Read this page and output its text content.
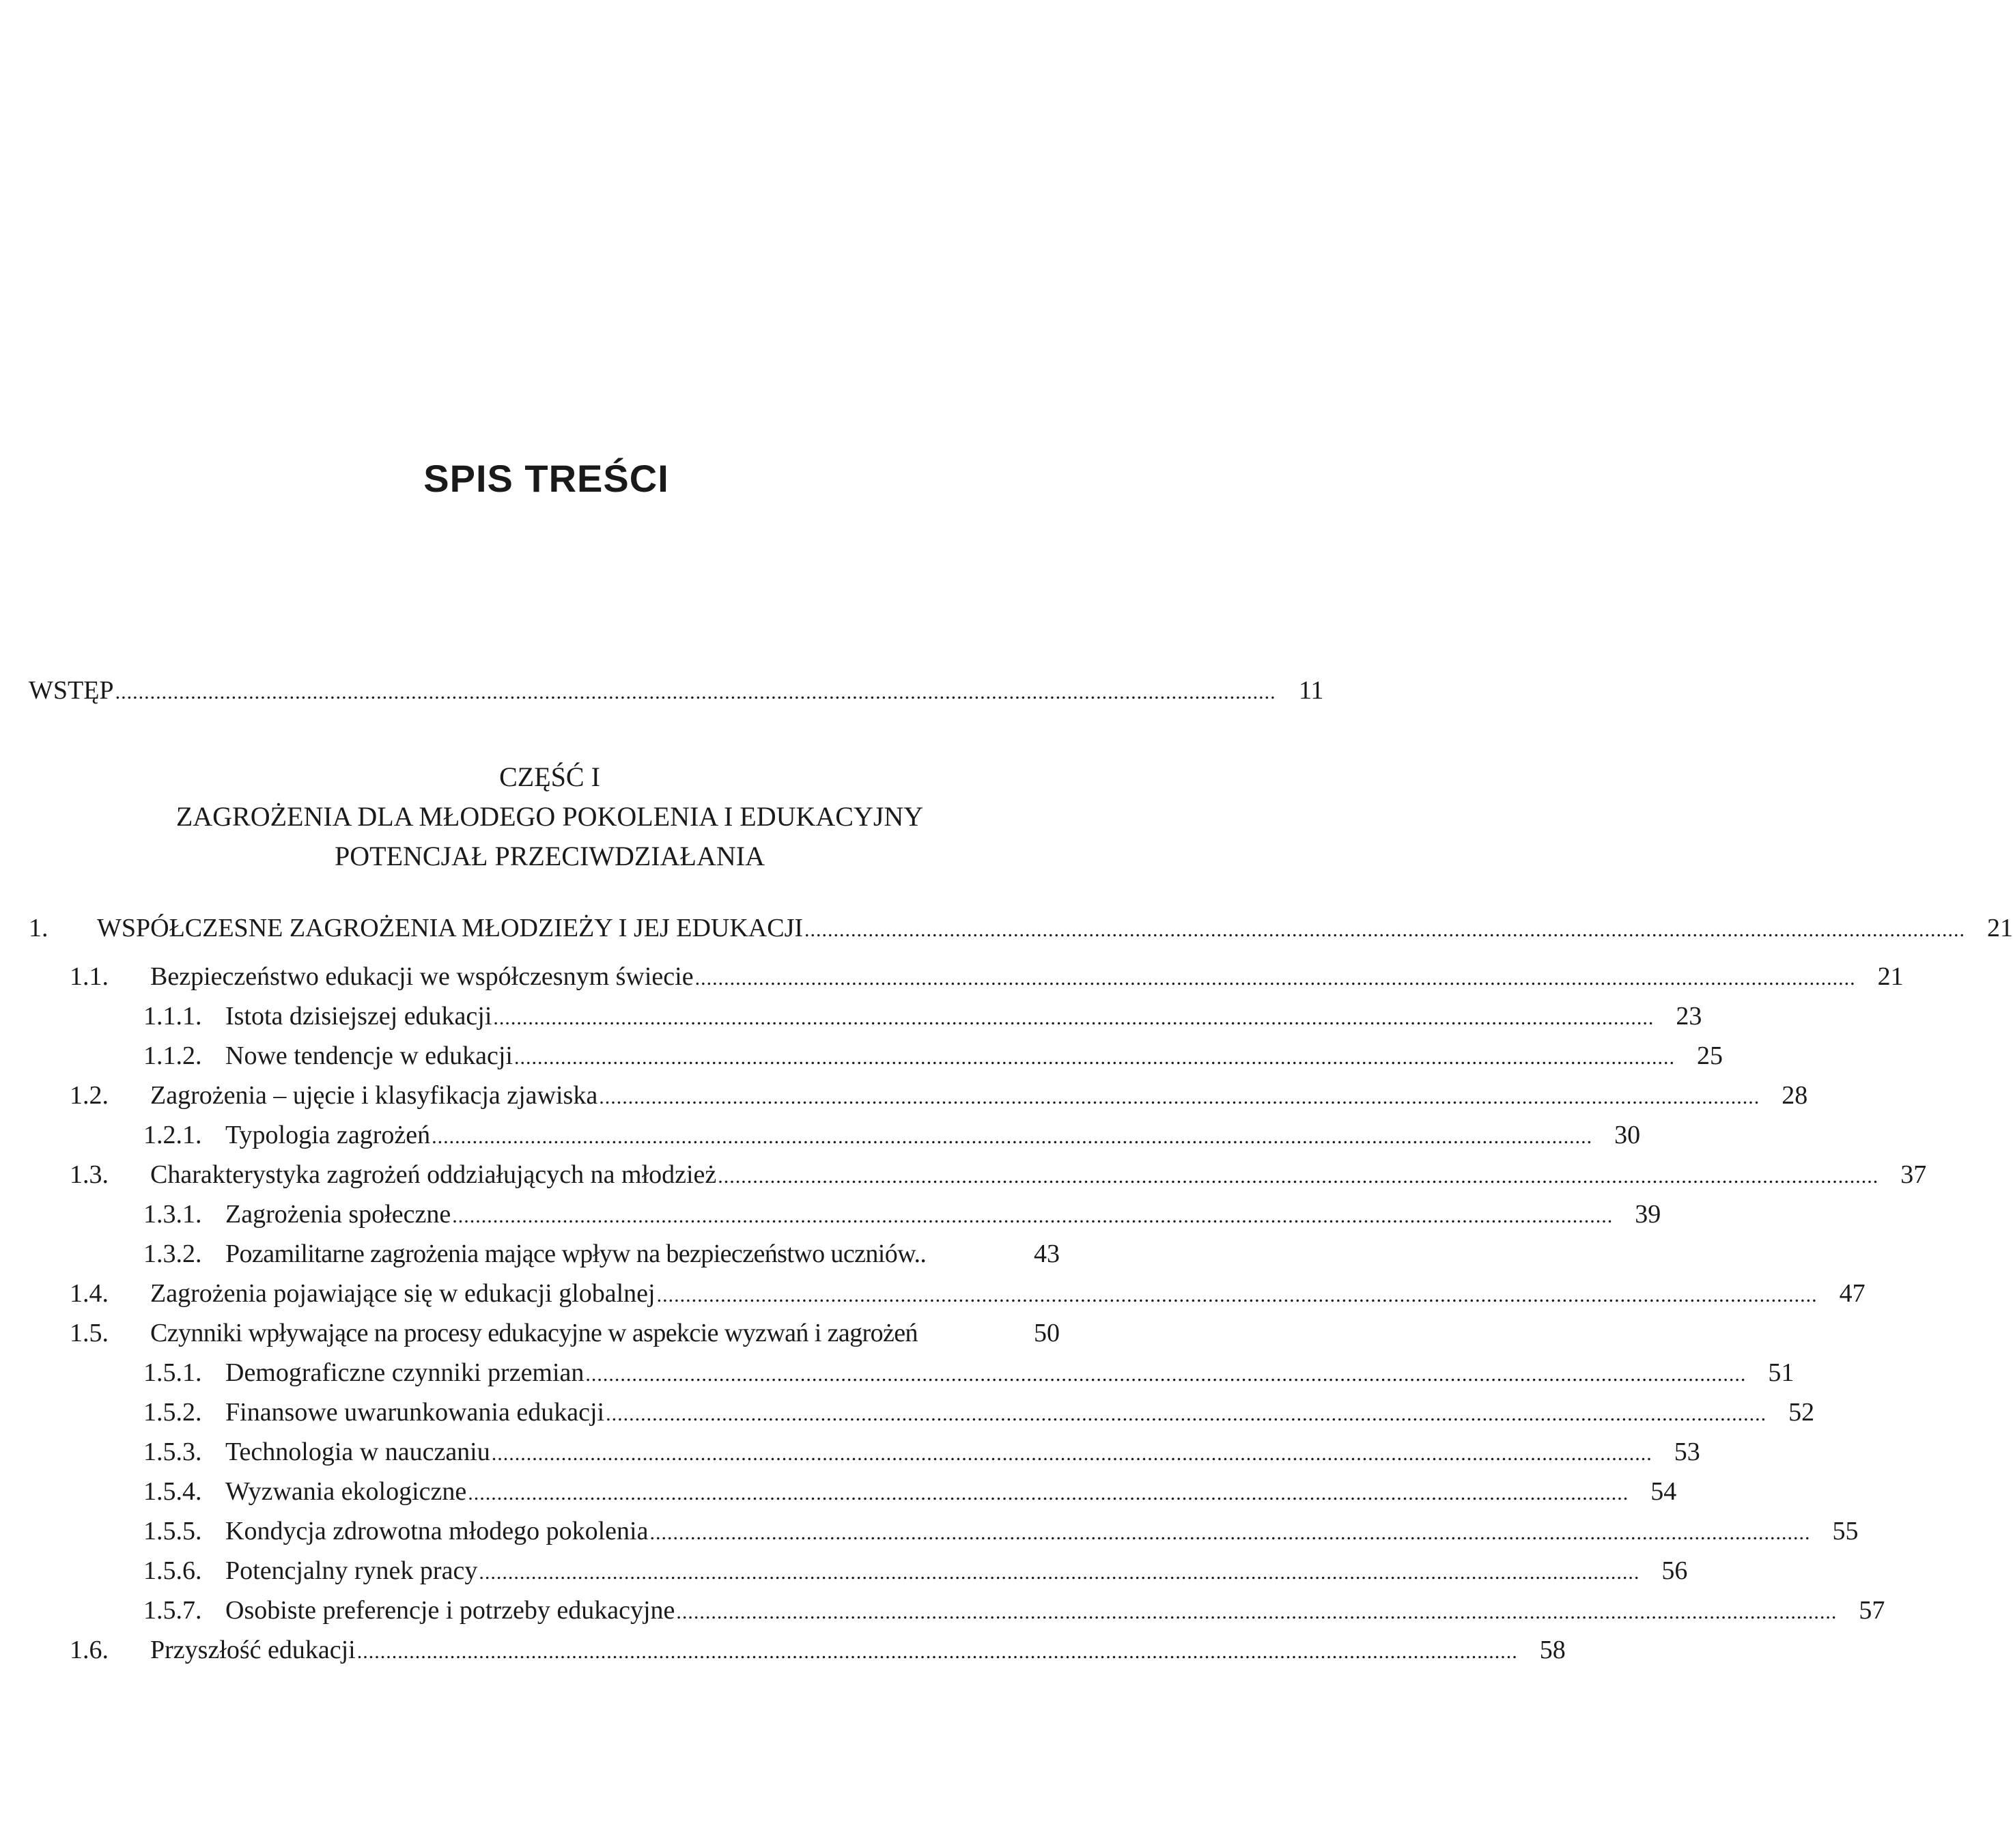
SPIS TREŚCI
WSTĘP ........................................................................................................................................................................................................ 11
CZĘŚĆ I
ZAGROŻENIA DLA MŁODEGO POKOLENIA I EDUKACYJNY
POTENCJAŁ PRZECIWDZIAŁANIA
1.	WSPÓŁCZESNE ZAGROŻENIA MŁODZIEŻY I JEJ EDUKACJI ........................................................................................................................................................................................................ 21
1.1.	Bezpieczeństwo edukacji we współczesnym świecie ........................................................................................................................................................................................................ 21
1.1.1. Istota dzisiejszej edukacji ........................................................................................................................................................................................................ 23
1.1.2. Nowe tendencje w edukacji ........................................................................................................................................................................................................ 25
1.2.	Zagrożenia – ujęcie i klasyfikacja zjawiska ........................................................................................................................................................................................................ 28
1.2.1. Typologia zagrożeń ........................................................................................................................................................................................................ 30
1.3.	Charakterystyka zagrożeń oddziałujących na młodzież ........................................................................................................................................................................................................ 37
1.3.1. Zagrożenia społeczne ........................................................................................................................................................................................................ 39
1.3.2. Pozamilitarne zagrożenia mające wpływ na bezpieczeństwo uczniów..	43
1.4.	Zagrożenia pojawiające się w edukacji globalnej ........................................................................................................................................................................................................ 47
1.5.	Czynniki wpływające na procesy edukacyjne w aspekcie wyzwań i zagrożeń	50
1.5.1. Demograficzne czynniki przemian ........................................................................................................................................................................................................ 51
1.5.2. Finansowe uwarunkowania edukacji ........................................................................................................................................................................................................ 52
1.5.3. Technologia w nauczaniu ........................................................................................................................................................................................................ 53
1.5.4. Wyzwania ekologiczne ........................................................................................................................................................................................................ 54
1.5.5. Kondycja zdrowotna młodego pokolenia ........................................................................................................................................................................................................ 55
1.5.6. Potencjalny rynek pracy ........................................................................................................................................................................................................ 56
1.5.7. Osobiste preferencje i potrzeby edukacyjne ........................................................................................................................................................................................................ 57
1.6.	Przyszłość edukacji ........................................................................................................................................................................................................ 58
